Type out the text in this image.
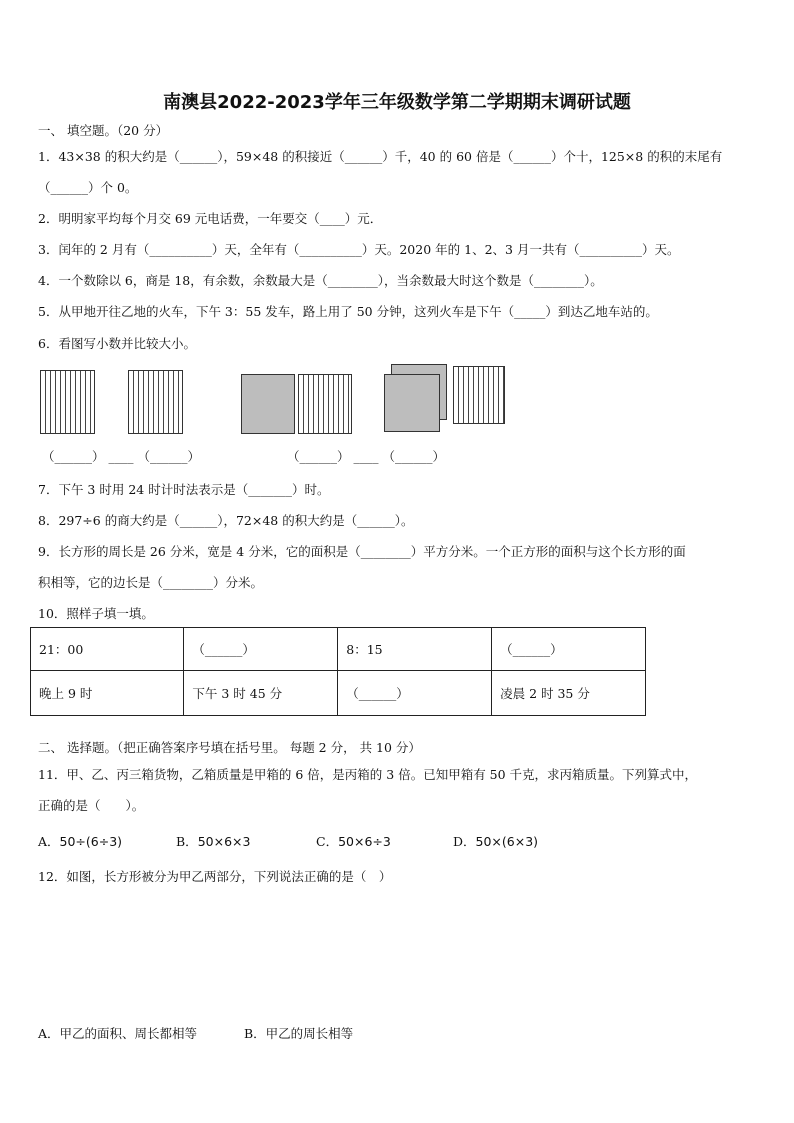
南澳县2022-2023学年三年级数学第二学期期末调研试题
一、 填空题。（20 分）
1．43×38 的积大约是（______），59×48 的积接近（______）千，40 的 60 倍是（______）个十，125×8 的积的末尾有
（______）个 0。
2．明明家平均每个月交 69 元电话费，一年要交（____）元．
3．闰年的 2 月有（__________）天，全年有（__________）天。2020 年的 1、2、3 月一共有（__________）天。
4．一个数除以 6，商是 18，有余数，余数最大是（________），当余数最大时这个数是（________）。
5．从甲地开往乙地的火车，下午 3：55 发车，路上用了 50 分钟，这列火车是下午（_____）到达乙地车站的。
6．看图写小数并比较大小。
（______） ____ （______）	（______） ____ （______）
7．下午 3 时用 24 时计时法表示是（_______）时。
8．297÷6 的商大约是（______），72×48 的积大约是（______）。
9．长方形的周长是 26 分米，宽是 4 分米，它的面积是（________）平方分米。一个正方形的面积与这个长方形的面
积相等，它的边长是（________）分米。
10．照样子填一填。
21：00	（______）	8：15	（______）
晚上 9 时	下午 3 时 45 分	（______）	凌晨 2 时 35 分
二、 选择题。（把正确答案序号填在括号里。 每题 2 分， 共 10 分）
11．甲、乙、丙三箱货物，乙箱质量是甲箱的 6 倍，是丙箱的 3 倍。已知甲箱有 50 千克，求丙箱质量。下列算式中，
正确的是（　　）。
A．50÷(6÷3)	B．50×6×3	C．50×6÷3	D．50×(6×3)
12．如图，长方形被分为甲乙两部分，下列说法正确的是（　）
A．甲乙的面积、周长都相等	B．甲乙的周长相等
